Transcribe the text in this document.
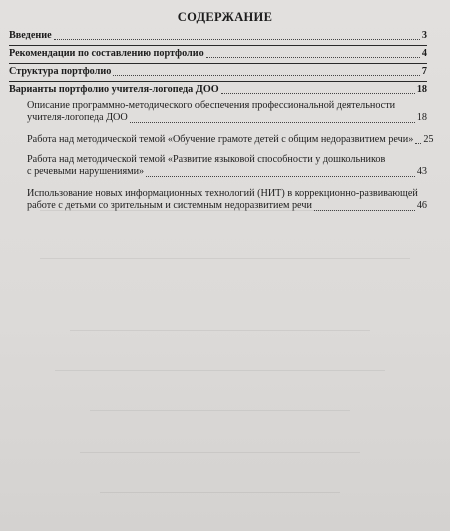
СОДЕРЖАНИЕ
Введение	3
Рекомендации по составлению портфолио	4
Структура портфолио	7
Варианты портфолио учителя-логопеда ДОО	18
Описание программно-методического обеспечения профессиональной деятельности
учителя-логопеда ДОО	18
Работа над методической темой «Обучение грамоте детей с общим недоразвитием речи» 25
Работа над методической темой «Развитие языковой способности у дошкольников
с речевыми нарушениями»	43
Использование новых информационных технологий (НИТ) в коррекционно-развивающей
работе с детьми со зрительным и системным недоразвитием речи	46
